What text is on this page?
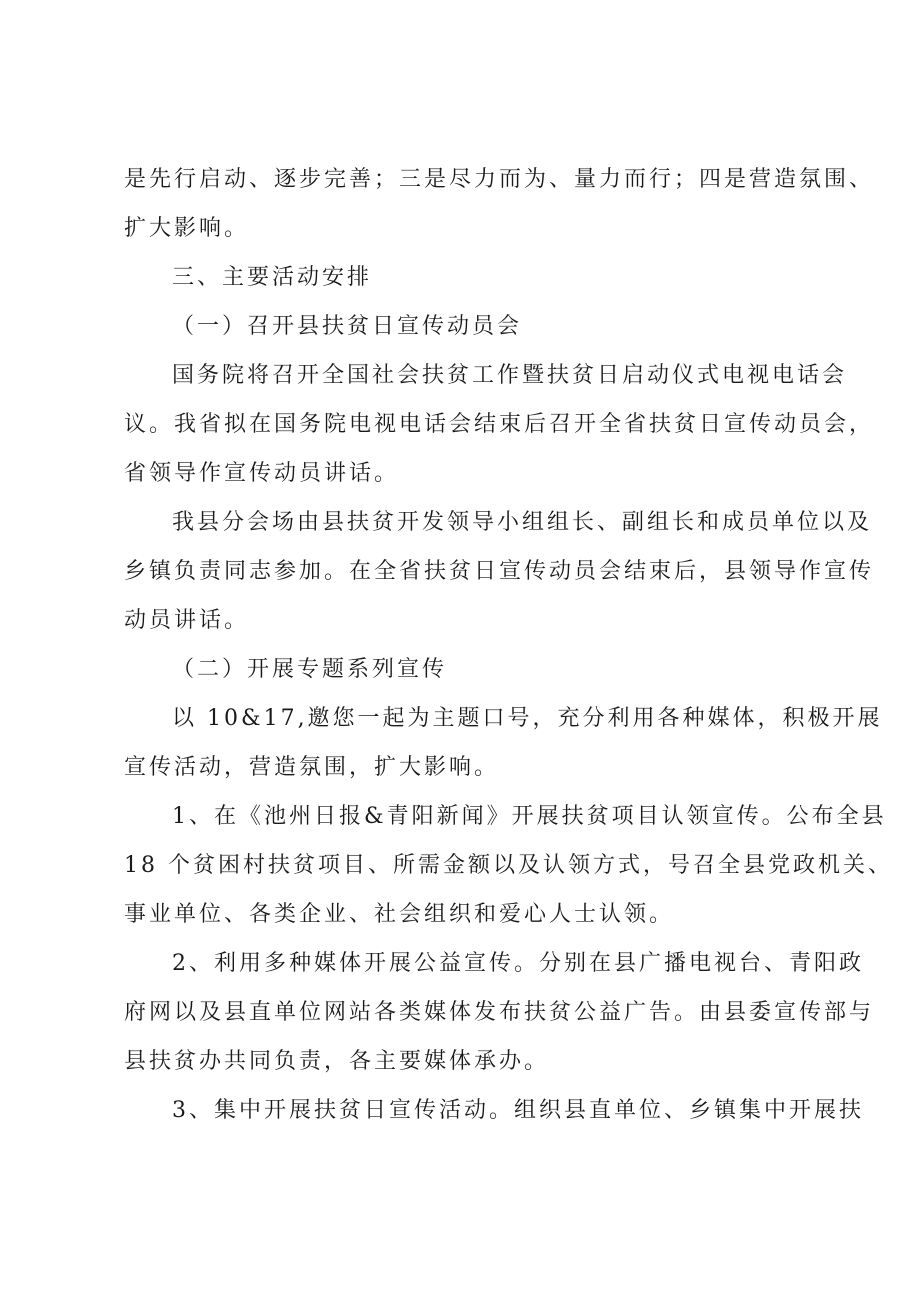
是先行启动、逐步完善；三是尽力而为、量力而行；四是营造氛围、
扩大影响。
三、主要活动安排
（一）召开县扶贫日宣传动员会
国务院将召开全国社会扶贫工作暨扶贫日启动仪式电视电话会
议。我省拟在国务院电视电话会结束后召开全省扶贫日宣传动员会，
省领导作宣传动员讲话。
我县分会场由县扶贫开发领导小组组长、副组长和成员单位以及
乡镇负责同志参加。在全省扶贫日宣传动员会结束后，县领导作宣传
动员讲话。
（二）开展专题系列宣传
以 10&17,邀您一起为主题口号，充分利用各种媒体，积极开展
宣传活动，营造氛围，扩大影响。
1、在《池州日报&青阳新闻》开展扶贫项目认领宣传。公布全县
18 个贫困村扶贫项目、所需金额以及认领方式，号召全县党政机关、
事业单位、各类企业、社会组织和爱心人士认领。
2、利用多种媒体开展公益宣传。分别在县广播电视台、青阳政
府网以及县直单位网站各类媒体发布扶贫公益广告。由县委宣传部与
县扶贫办共同负责，各主要媒体承办。
3、集中开展扶贫日宣传活动。组织县直单位、乡镇集中开展扶
